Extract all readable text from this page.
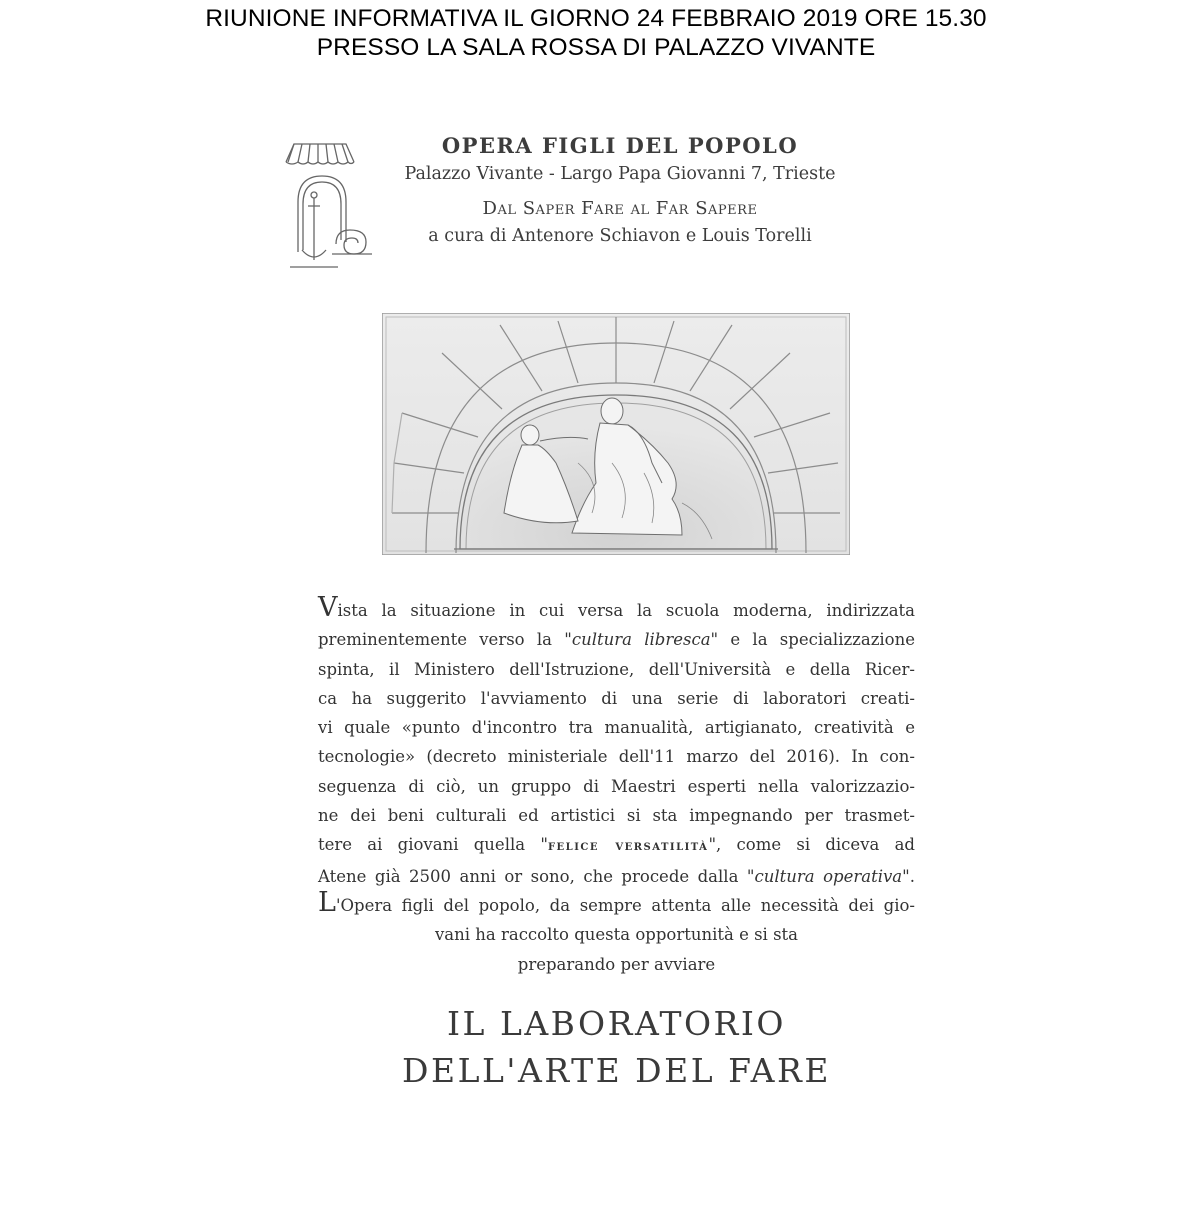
RIUNIONE INFORMATIVA IL GIORNO 24 FEBBRAIO 2019 ORE 15.30
PRESSO LA SALA ROSSA DI PALAZZO VIVANTE
OPERA FIGLI DEL POPOLO
Palazzo Vivante - Largo Papa Giovanni 7, Trieste
Dal Saper Fare al Far Sapere
a cura di Antenore Schiavon e Louis Torelli
Vista la situazione in cui versa la scuola moderna, indirizzata
preminentemente verso la "cultura libresca" e la specializzazione
spinta, il Ministero dell'Istruzione, dell'Università e della Ricer-
ca ha suggerito l'avviamento di una serie di laboratori creati-
vi quale «punto d'incontro tra manualità, artigianato, creatività e
tecnologie» (decreto ministeriale dell'11 marzo del 2016). In con-
seguenza di ciò, un gruppo di Maestri esperti nella valorizzazio-
ne dei beni culturali ed artistici si sta impegnando per trasmet-
tere ai giovani quella "felice versatilità", come si diceva ad
Atene già 2500 anni or sono, che procede dalla "cultura operativa".
L'Opera figli del popolo, da sempre attenta alle necessità dei gio-
vani ha raccolto questa opportunità e si sta
preparando per avviare
IL LABORATORIO
DELL'ARTE DEL FARE
